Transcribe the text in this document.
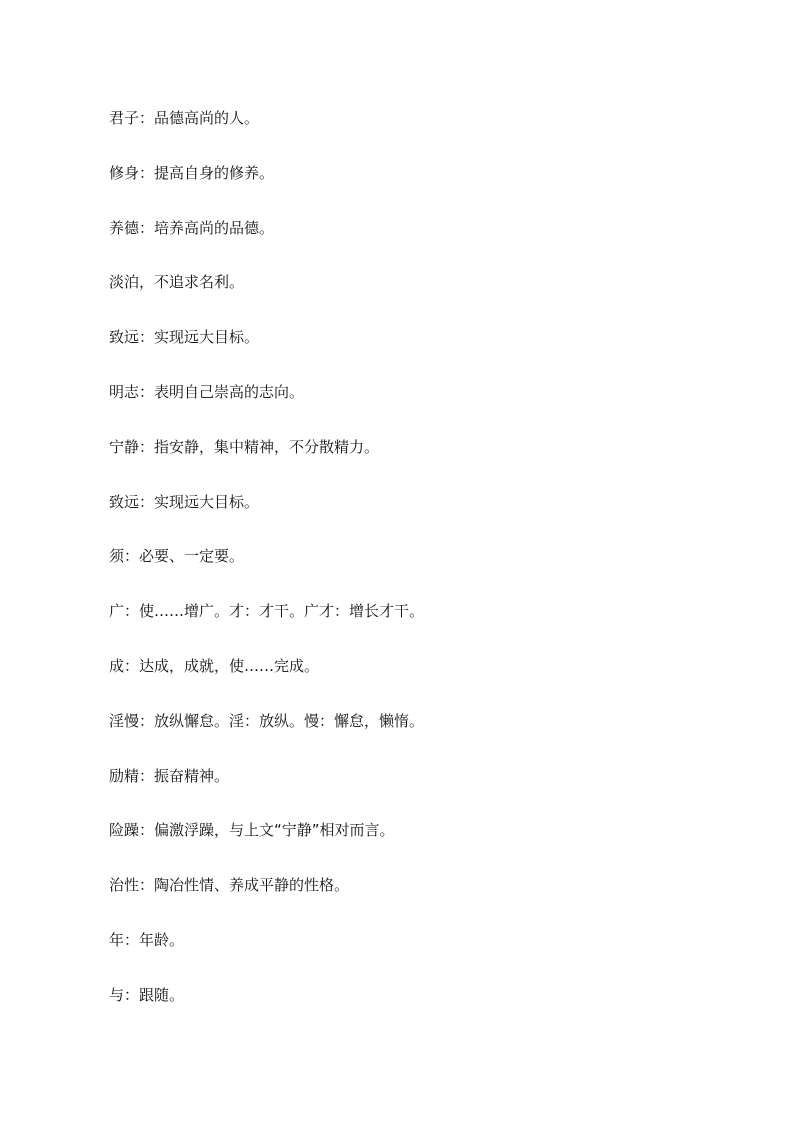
君子：品德高尚的人。
修身：提高自身的修养。
养德：培养高尚的品德。
淡泊，不追求名利。
致远：实现远大目标。
明志：表明自己崇高的志向。
宁静：指安静，集中精神，不分散精力。
致远：实现远大目标。
须：必要、一定要。
广：使……增广。才：才干。广才：增长才干。
成：达成，成就，使……完成。
淫慢：放纵懈怠。淫：放纵。慢：懈怠，懒惰。
励精：振奋精神。
险躁：偏激浮躁，与上文“宁静”相对而言。
治性：陶冶性情、养成平静的性格。
年：年龄。
与：跟随。
